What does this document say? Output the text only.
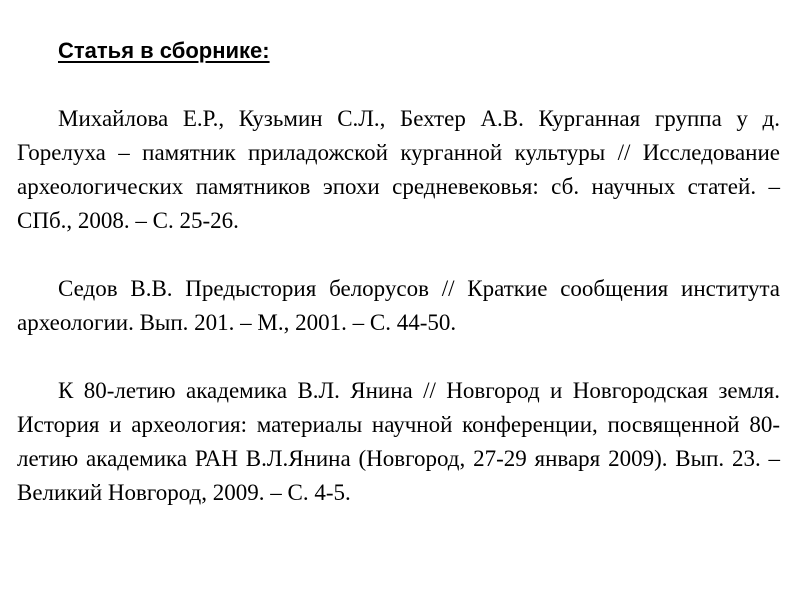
Статья в сборнике:

Михайлова Е.Р., Кузьмин С.Л., Бехтер А.В. Курганная группа у д. Горелуха – памятник приладожской курганной культуры // Исследование археологических памятников эпохи средневековья: сб. научных статей. – СПб., 2008. – С. 25-26.

Седов В.В. Предыстория белорусов // Краткие сообщения института археологии. Вып. 201. – М., 2001. – С. 44-50.

К 80-летию академика В.Л. Янина // Новгород и Новгородская земля. История и археология: материалы научной конференции, посвященной 80-летию академика РАН В.Л.Янина (Новгород, 27-29 января 2009). Вып. 23. – Великий Новгород, 2009. – С. 4-5.
